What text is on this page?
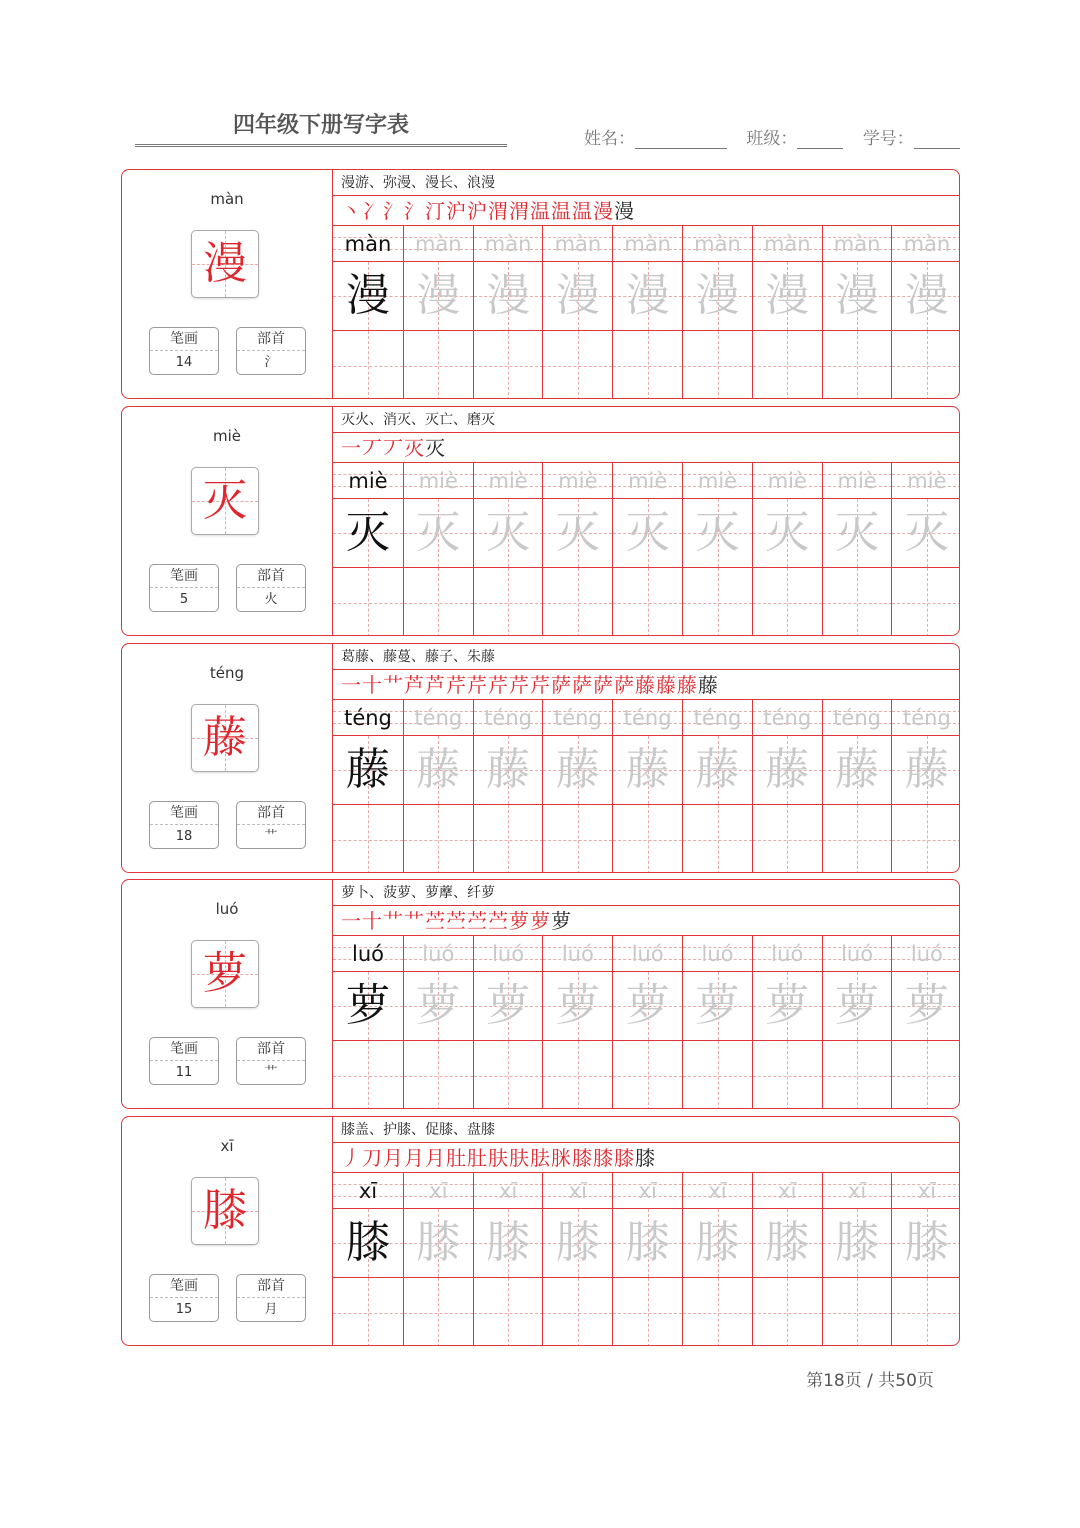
四年级下册写字表
姓名：	班级：	学号：
màn
漫
笔画
14
部首
氵
漫游、弥漫、漫长、浪漫
丶冫氵氵汀沪沪渭渭温温温漫漫
màn
漫
màn
漫
màn
漫
màn
漫
màn
漫
màn
漫
màn
漫
màn
漫
màn
漫
miè
灭
笔画
5
部首
火
灭火、消灭、灭亡、磨灭
一丆丆灭灭
miè
灭
miè
灭
miè
灭
miè
灭
miè
灭
miè
灭
miè
灭
miè
灭
miè
灭
téng
藤
笔画
18
部首
艹
葛藤、藤蔓、藤子、朱藤
一十艹芦芦芹芹芹芹芹萨萨萨萨藤藤藤藤
téng
藤
téng
藤
téng
藤
téng
藤
téng
藤
téng
藤
téng
藤
téng
藤
téng
藤
luó
萝
笔画
11
部首
艹
萝卜、菠萝、萝藦、纤萝
一十艹艹苎苎苎苎萝萝萝
luó
萝
luó
萝
luó
萝
luó
萝
luó
萝
luó
萝
luó
萝
luó
萝
luó
萝
xī
膝
笔画
15
部首
月
膝盖、护膝、促膝、盘膝
丿刀月月月肚肚肤肤胠脒膝膝膝膝
xī
膝
xī
膝
xī
膝
xī
膝
xī
膝
xī
膝
xī
膝
xī
膝
xī
膝
第18页 / 共50页
